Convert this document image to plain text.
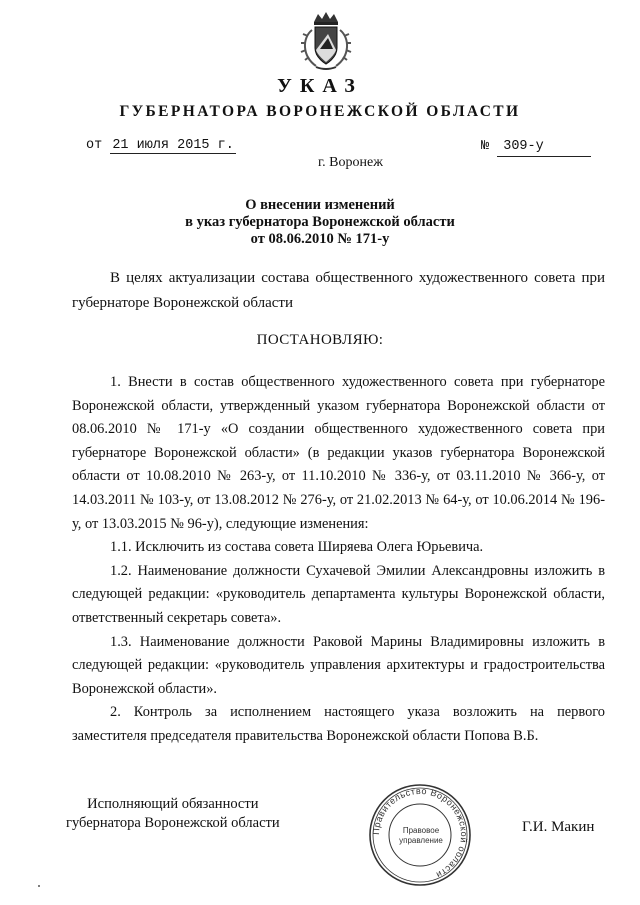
УКАЗ
ГУБЕРНАТОРА ВОРОНЕЖСКОЙ ОБЛАСТИ
от 21 июля 2015 г.	№ 309-у
г. Воронеж
О внесении изменений
в указ губернатора Воронежской области
от 08.06.2010 № 171-у

В целях актуализации состава общественного художественного совета при губернаторе Воронежской области

ПОСТАНОВЛЯЮ:

1. Внести в состав общественного художественного совета при губернаторе Воронежской области, утвержденный указом губернатора Воронежской области от 08.06.2010 № 171-у «О создании общественного художественного совета при губернаторе Воронежской области» (в редакции указов губернатора Воронежской области от 10.08.2010 № 263-у, от 11.10.2010 № 336-у, от 03.11.2010 № 366-у, от 14.03.2011 № 103-у, от 13.08.2012 № 276-у, от 21.02.2013 № 64-у, от 10.06.2014 № 196-у, от 13.03.2015 № 96-у), следующие изменения:

1.1. Исключить из состава совета Ширяева Олега Юрьевича.

1.2. Наименование должности Сухачевой Эмилии Александровны изложить в следующей редакции: «руководитель департамента культуры Воронежской области, ответственный секретарь совета».

1.3. Наименование должности Раковой Марины Владимировны изложить в следующей редакции: «руководитель управления архитектуры и градостроительства Воронежской области».

2. Контроль за исполнением настоящего указа возложить на первого заместителя председателя правительства Воронежской области Попова В.Б.

Исполняющий обязанности
губернатора Воронежской области
Правительство Воронежской области
Правовое
управление
Г.И. Макин
